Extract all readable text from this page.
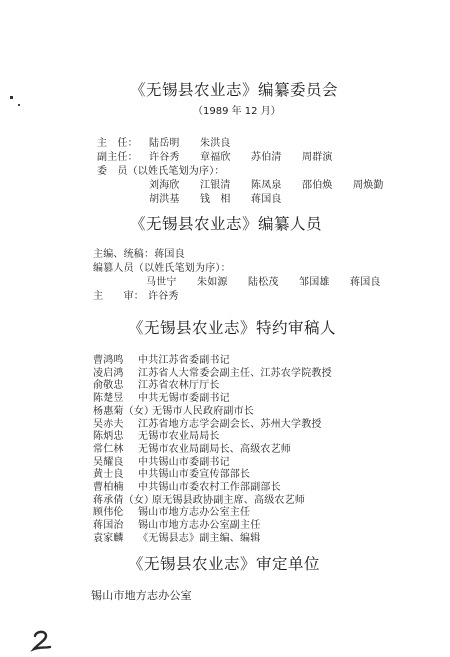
《无锡县农业志》编纂委员会
（1989 年 12 月）
主　任： 陆岳明　　朱洪良
副主任： 许谷秀　　章福欣　　苏伯清　　周群演
委　员（以姓氏笔划为序）：
刘海欣　　江银清　　陈凤泉　　邵伯焕　　周焕勤
胡洪基　　钱　相　　蒋国良
《无锡县农业志》编纂人员
主编、统稿：蒋国良
编篡人员（以姓氏笔划为序）：
马世宁　　朱如源　　陆松茂　　邹国雄　　蒋国良
主　　审： 许谷秀
《无锡县农业志》特约审稿人
曹鸿鸣 中共江苏省委副书记
凌启鸿 江苏省人大常委会副主任、江苏农学院教授
俞敬忠 江苏省农林厅厅长
陈楚昱 中共无锡市委副书记
杨惠菊（女）
无锡市人民政府副市长
吴赤夫 江苏省地方志学会副会长、苏州大学教授
陈炳忠 无锡市农业局局长
常仁林 无锡市农业局副局长、高级农艺师
吴耀良 中共锡山市委副书记
黄士良 中共锡山市委宣传部部长
曹柏楠 中共锡山市委农村工作部副部长
蒋承倩（女）
原无锡县政协副主席、高级农艺师
顾伟伦 锡山市地方志办公室主任
蒋国治 锡山市地方志办公室副主任
袁家麟 《无锡县志》副主编、编辑
《无锡县农业志》审定单位
锡山市地方志办公室
